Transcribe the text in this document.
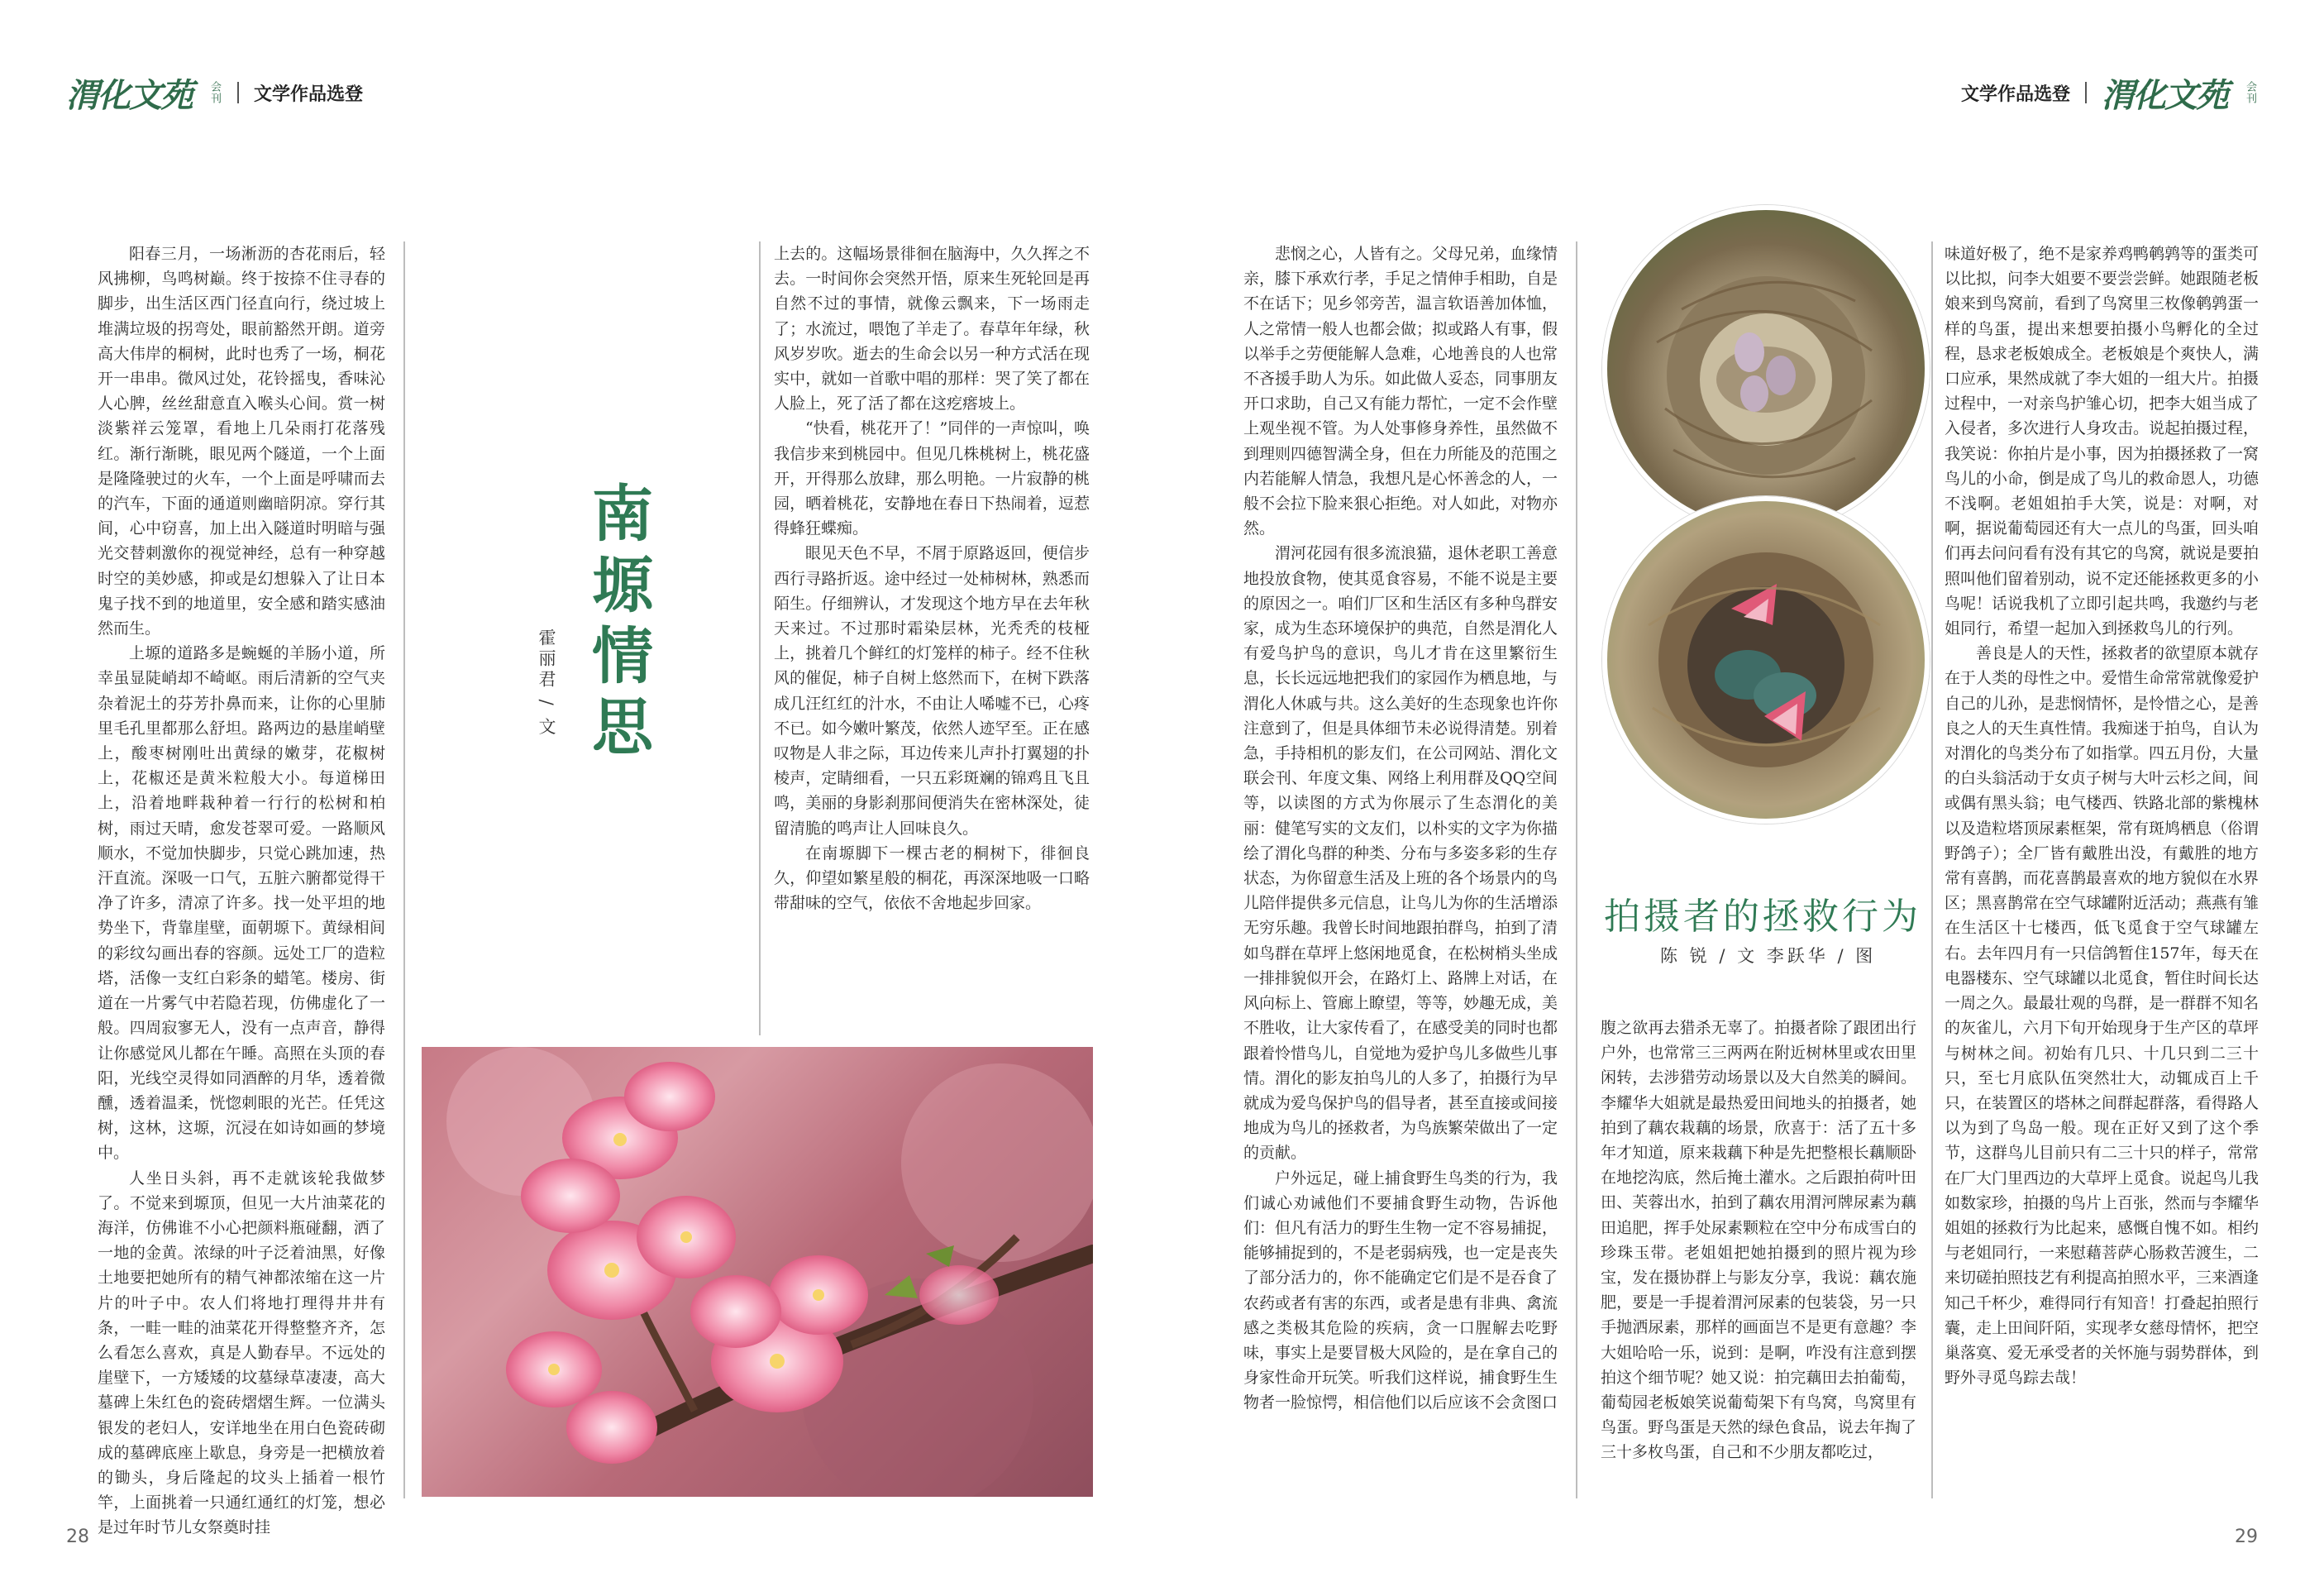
渭化文苑 会刊 文学作品选登	文学作品选登 渭化文苑 会刊

阳春三月，一场淅沥的杏花雨后，轻风拂柳，鸟鸣树巅。终于按捺不住寻春的脚步，出生活区西门径直向行，绕过坡上堆满垃圾的拐弯处，眼前豁然开朗。道旁高大伟岸的桐树，此时也秀了一场，桐花开一串串。微风过处，花铃摇曳，香味沁人心脾，丝丝甜意直入喉头心间。赏一树淡紫祥云笼罩，看地上几朵雨打花落残红。渐行渐眺，眼见两个隧道，一个上面是隆隆驶过的火车，一个上面是呼啸而去的汽车，下面的通道则幽暗阴凉。穿行其间，心中窃喜，加上出入隧道时明暗与强光交替刺激你的视觉神经，总有一种穿越时空的美妙感，抑或是幻想躲入了让日本鬼子找不到的地道里，安全感和踏实感油然而生。

上塬的道路多是蜿蜒的羊肠小道，所幸虽显陡峭却不崎岖。雨后清新的空气夹杂着泥土的芬芳扑鼻而来，让你的心里肺里毛孔里都那么舒坦。路两边的悬崖峭壁上，酸枣树刚吐出黄绿的嫩芽，花椒树上，花椒还是黄米粒般大小。每道梯田上，沿着地畔栽种着一行行的松树和柏树，雨过天晴，愈发苍翠可爱。一路顺风顺水，不觉加快脚步，只觉心跳加速，热汗直流。深吸一口气，五脏六腑都觉得干净了许多，清凉了许多。找一处平坦的地势坐下，背靠崖壁，面朝塬下。黄绿相间的彩纹勾画出春的容颜。远处工厂的造粒塔，活像一支红白彩条的蜡笔。楼房、街道在一片雾气中若隐若现，仿佛虚化了一般。四周寂寥无人，没有一点声音，静得让你感觉风儿都在午睡。高照在头顶的春阳，光线空灵得如同酒醉的月华，透着微醺，透着温柔，恍惚刺眼的光芒。任凭这树，这林，这塬，沉浸在如诗如画的梦境中。

人坐日头斜，再不走就该轮我做梦了。不觉来到塬顶，但见一大片油菜花的海洋，仿佛谁不小心把颜料瓶碰翻，洒了一地的金黄。浓绿的叶子泛着油黑，好像土地要把她所有的精气神都浓缩在这一片片的叶子中。农人们将地打理得井井有条，一畦一畦的油菜花开得整整齐齐，怎么看怎么喜欢，真是人勤春早。不远处的崖壁下，一方矮矮的坟墓绿草凄凄，高大墓碑上朱红色的瓷砖熠熠生辉。一位满头银发的老妇人，安详地坐在用白色瓷砖砌成的墓碑底座上歇息，身旁是一把横放着的锄头，身后隆起的坟头上插着一根竹竿，上面挑着一只通红通红的灯笼，想必是过年时节儿女祭奠时挂

南塬情思
霍丽君 / 文

上去的。这幅场景徘徊在脑海中，久久挥之不去。一时间你会突然开悟，原来生死轮回是再自然不过的事情，就像云飘来，下一场雨走了；水流过，喂饱了羊走了。春草年年绿，秋风岁岁吹。逝去的生命会以另一种方式活在现实中，就如一首歌中唱的那样：哭了笑了都在人脸上，死了活了都在这疙瘩坡上。

“快看，桃花开了！”同伴的一声惊叫，唤我信步来到桃园中。但见几株桃树上，桃花盛开，开得那么放肆，那么明艳。一片寂静的桃园，晒着桃花，安静地在春日下热闹着，逗惹得蜂狂蝶痴。

眼见天色不早，不屑于原路返回，便信步西行寻路折返。途中经过一处柿树林，熟悉而陌生。仔细辨认，才发现这个地方早在去年秋天来过。不过那时霜染层林，光秃秃的枝桠上，挑着几个鲜红的灯笼样的柿子。经不住秋风的催促，柿子自树上悠然而下，在树下跌落成几汪红红的汁水，不由让人唏嘘不已，心疼不已。如今嫩叶繁茂，依然人迹罕至。正在感叹物是人非之际，耳边传来儿声扑打翼翅的扑棱声，定睛细看，一只五彩斑斓的锦鸡且飞且鸣，美丽的身影刹那间便消失在密林深处，徒留清脆的鸣声让人回味良久。

在南塬脚下一棵古老的桐树下，徘徊良久，仰望如繁星般的桐花，再深深地吸一口略带甜味的空气，依依不舍地起步回家。

悲悯之心，人皆有之。父母兄弟，血缘情亲，膝下承欢行孝，手足之情伸手相助，自是不在话下；见乡邻旁苦，温言软语善加体恤，人之常情一般人也都会做；拟或路人有事，假以举手之劳便能解人急难，心地善良的人也常不吝援手助人为乐。如此做人妥态，同事朋友开口求助，自己又有能力帮忙，一定不会作壁上观坐视不管。为人处事修身养性，虽然做不到理则四德智满全身，但在力所能及的范围之内若能解人情急，我想凡是心怀善念的人，一般不会拉下脸来狠心拒绝。对人如此，对物亦然。

渭河花园有很多流浪猫，退休老职工善意地投放食物，使其觅食容易，不能不说是主要的原因之一。咱们厂区和生活区有多种鸟群安家，成为生态环境保护的典范，自然是渭化人有爱鸟护鸟的意识，鸟儿才肯在这里繁衍生息，长长远远地把我们的家园作为栖息地，与渭化人休戚与共。这么美好的生态现象也许你注意到了，但是具体细节未必说得清楚。别着急，手持相机的影友们，在公司网站、渭化文联会刊、年度文集、网络上利用群及QQ空间等，以读图的方式为你展示了生态渭化的美丽：健笔写实的文友们，以朴实的文字为你描绘了渭化鸟群的种类、分布与多姿多彩的生存状态，为你留意生活及上班的各个场景内的鸟儿陪伴提供多元信息，让鸟儿为你的生活增添无穷乐趣。我曾长时间地跟拍群鸟，拍到了清如鸟群在草坪上悠闲地觅食，在松树梢头坐成一排排貌似开会，在路灯上、路牌上对话，在风向标上、管廊上瞭望，等等，妙趣无成，美不胜收，让大家传看了，在感受美的同时也都跟着怜惜鸟儿，自觉地为爱护鸟儿多做些儿事情。渭化的影友拍鸟儿的人多了，拍摄行为早就成为爱鸟保护鸟的倡导者，甚至直接或间接地成为鸟儿的拯救者，为鸟族繁荣做出了一定的贡献。

户外远足，碰上捕食野生鸟类的行为，我们诚心劝诫他们不要捕食野生动物，告诉他们：但凡有活力的野生生物一定不容易捕捉，能够捕捉到的，不是老弱病残，也一定是丧失了部分活力的，你不能确定它们是不是吞食了农药或者有害的东西，或者是患有非典、禽流感之类极其危险的疾病，贪一口腥解去吃野味，事实上是要冒极大风险的，是在拿自己的身家性命开玩笑。听我们这样说，捕食野生生物者一脸惊愕，相信他们以后应该不会贪图口

拍摄者的拯救行为
陈 锐 / 文 李跃华 / 图

腹之欲再去猎杀无辜了。拍摄者除了跟团出行户外，也常常三三两两在附近树林里或农田里闲转，去涉猎劳动场景以及大自然美的瞬间。李耀华大姐就是最热爱田间地头的拍摄者，她拍到了藕农栽藕的场景，欣喜于：活了五十多年才知道，原来栽藕下种是先把整根长藕顺卧在地挖沟底，然后掩土灌水。之后跟拍荷叶田田、芙蓉出水，拍到了藕农用渭河牌尿素为藕田追肥，挥手处尿素颗粒在空中分布成雪白的珍珠玉带。老姐姐把她拍摄到的照片视为珍宝，发在摄协群上与影友分享，我说：藕农施肥，要是一手提着渭河尿素的包装袋，另一只手抛洒尿素，那样的画面岂不是更有意趣？李大姐哈哈一乐，说到：是啊，咋没有注意到摆拍这个细节呢？她又说：拍完藕田去拍葡萄，葡萄园老板娘笑说葡萄架下有鸟窝，鸟窝里有鸟蛋。野鸟蛋是天然的绿色食品，说去年掏了三十多枚鸟蛋，自己和不少朋友都吃过，

味道好极了，绝不是家养鸡鸭鹌鹑等的蛋类可以比拟，问李大姐要不要尝尝鲜。她跟随老板娘来到鸟窝前，看到了鸟窝里三枚像鹌鹑蛋一样的鸟蛋，提出来想要拍摄小鸟孵化的全过程，恳求老板娘成全。老板娘是个爽快人，满口应承，果然成就了李大姐的一组大片。拍摄过程中，一对亲鸟护雏心切，把李大姐当成了入侵者，多次进行人身攻击。说起拍摄过程，我笑说：你拍片是小事，因为拍摄拯救了一窝鸟儿的小命，倒是成了鸟儿的救命恩人，功德不浅啊。老姐姐拍手大笑，说是：对啊，对啊，据说葡萄园还有大一点儿的鸟蛋，回头咱们再去问问看有没有其它的鸟窝，就说是要拍照叫他们留着别动，说不定还能拯救更多的小鸟呢！话说我机了立即引起共鸣，我邀约与老姐同行，希望一起加入到拯救鸟儿的行列。

善良是人的天性，拯救者的欲望原本就存在于人类的母性之中。爱惜生命常常就像爱护自己的儿孙，是悲悯情怀，是怜惜之心，是善良之人的天生真性情。我痴迷于拍鸟，自认为对渭化的鸟类分布了如指掌。四五月份，大量的白头翁活动于女贞子树与大叶云杉之间，间或偶有黑头翁；电气楼西、铁路北部的紫槐林以及造粒塔顶尿素框架，常有斑鸠栖息（俗谓野鸽子）；全厂皆有戴胜出没，有戴胜的地方常有喜鹊，而花喜鹊最喜欢的地方貌似在水界区；黑喜鹊常在空气球罐附近活动；燕燕有雏在生活区十七楼西，低飞觅食于空气球罐左右。去年四月有一只信鸽暂住157年，每天在电器楼东、空气球罐以北觅食，暂住时间长达一周之久。最最壮观的鸟群，是一群群不知名的灰雀儿，六月下旬开始现身于生产区的草坪与树林之间。初始有几只、十几只到二三十只，至七月底队伍突然壮大，动辄成百上千只，在装置区的塔林之间群起群落，看得路人以为到了鸟岛一般。现在正好又到了这个季节，这群鸟儿目前只有二三十只的样子，常常在厂大门里西边的大草坪上觅食。说起鸟儿我如数家珍，拍摄的鸟片上百张，然而与李耀华姐姐的拯救行为比起来，感慨自愧不如。相约与老姐同行，一来慰藉菩萨心肠救苦渡生，二来切磋拍照技艺有利提高拍照水平，三来酒逢知己千杯少，难得同行有知音！打叠起拍照行囊，走上田间阡陌，实现孝女慈母情怀，把空巢落寞、爱无承受者的关怀施与弱势群体，到野外寻觅鸟踪去哉！

28	29
